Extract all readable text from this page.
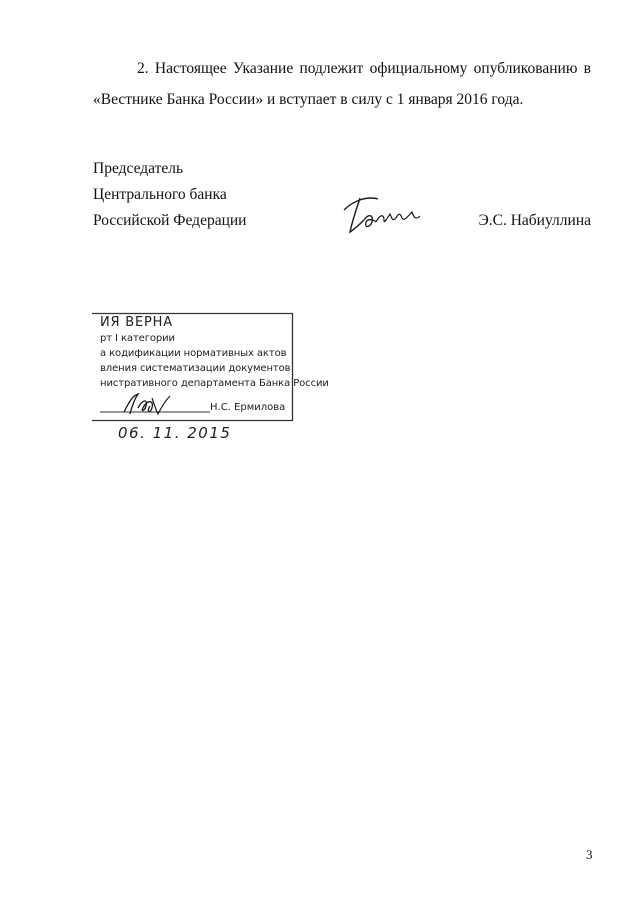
2. Настоящее Указание подлежит официальному опубликованию в «Вестнике Банка России» и вступает в силу с 1 января 2016 года.

Председатель

Центрального банка

Российской Федерации	Э.С. Набиуллина
ИЯ ВЕРНА
рт I категории
а кодификации нормативных актов
вления систематизации документов
нистративного департамента Банка России
Н.С. Ермилова
06. 11. 2015
3
